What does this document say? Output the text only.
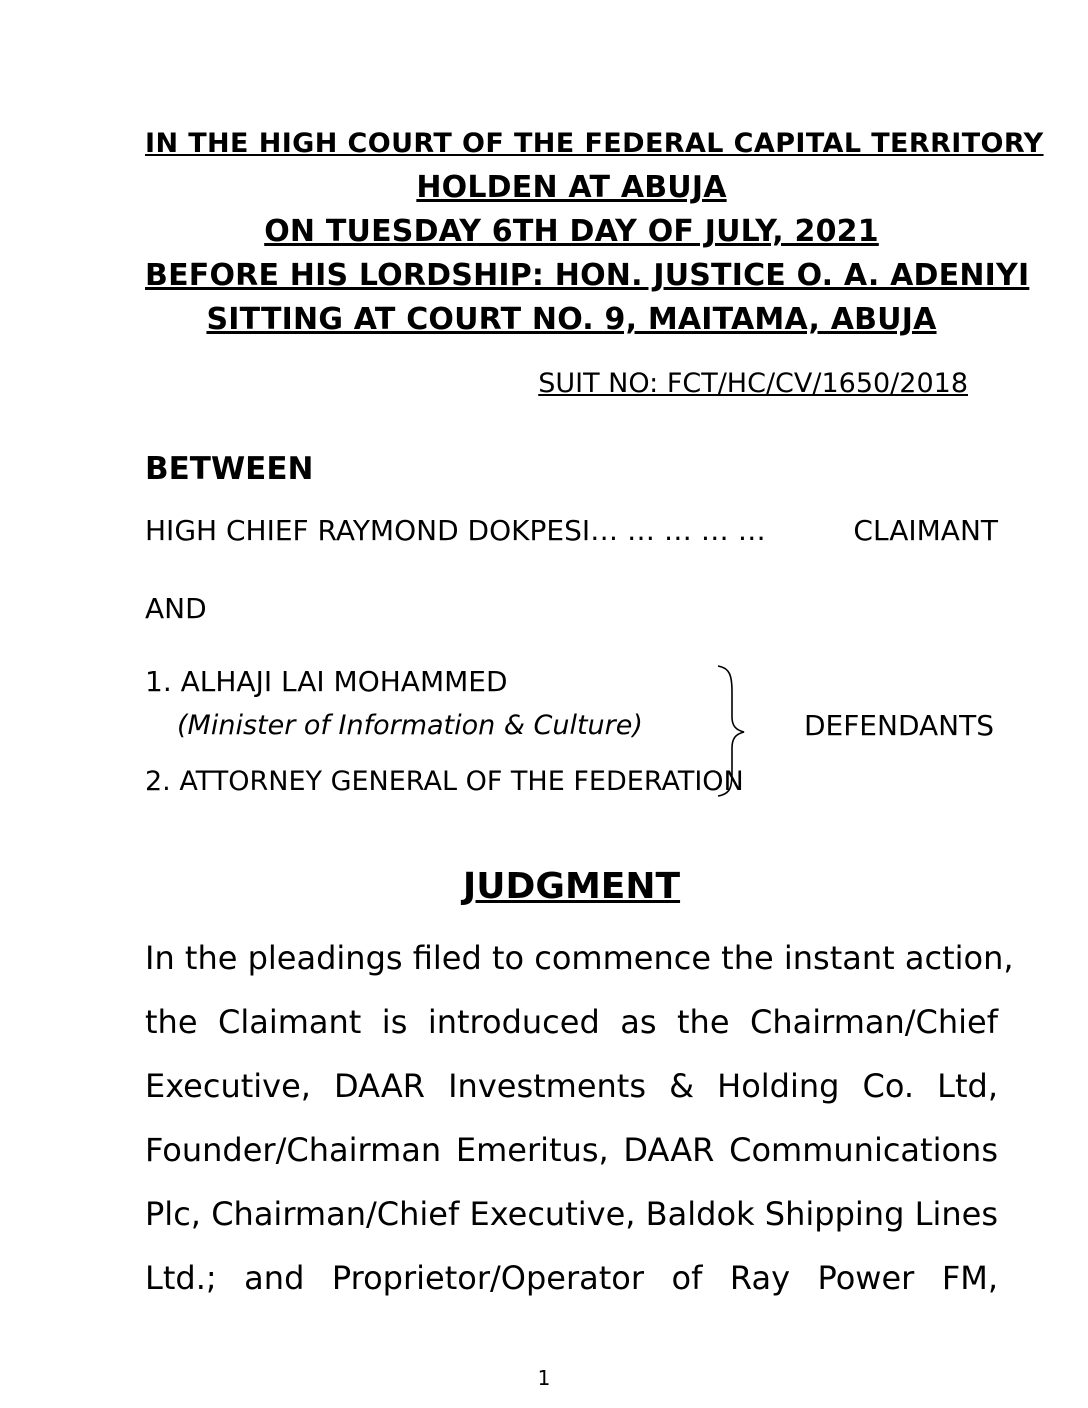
IN THE HIGH COURT OF THE FEDERAL CAPITAL TERRITORY
HOLDEN AT ABUJA
ON TUESDAY 6TH DAY OF JULY, 2021
BEFORE HIS LORDSHIP: HON. JUSTICE O. A. ADENIYI
SITTING AT COURT NO. 9, MAITAMA, ABUJA
SUIT NO: FCT/HC/CV/1650/2018
BETWEEN
HIGH CHIEF RAYMOND DOKPESI… … … … …	CLAIMANT
AND
1. ALHAJI LAI MOHAMMED
(Minister of Information & Culture)
2. ATTORNEY GENERAL OF THE FEDERATION
DEFENDANTS
JUDGMENT
In the pleadings filed to commence the instant action,
the Claimant is introduced as the Chairman/Chief
Executive, DAAR Investments & Holding Co. Ltd,
Founder/Chairman Emeritus, DAAR Communications
Plc, Chairman/Chief Executive, Baldok Shipping Lines
Ltd.; and Proprietor/Operator of Ray Power FM,
1
